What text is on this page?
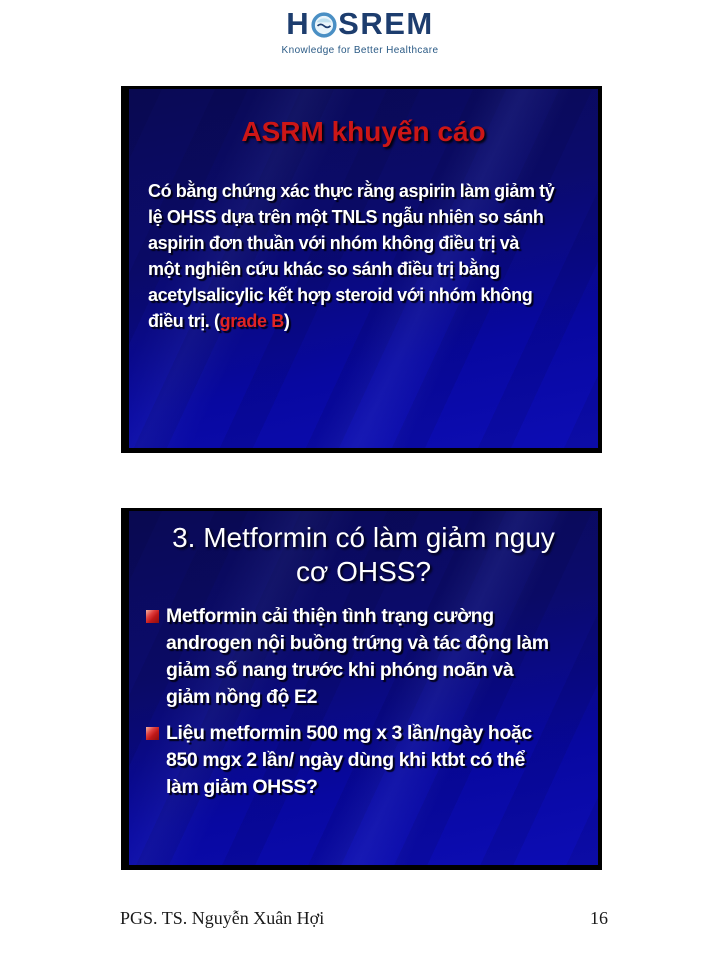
H SREM
Knowledge for Better Healthcare
ASRM khuyến cáo
Có bằng chứng xác thực rằng aspirin làm giảm tỷ
lệ OHSS dựa trên một TNLS ngẫu nhiên so sánh
aspirin đơn thuần với nhóm không điều trị và
một nghiên cứu khác so sánh điều trị bằng
acetylsalicylic kết hợp steroid với nhóm không
điều trị. (grade B)
3. Metformin có làm giảm nguy
cơ OHSS?
Metformin cải thiện tình trạng cường
androgen nội buồng trứng và tác động làm
giảm số nang trước khi phóng noãn và
giảm nồng độ E2
Liệu metformin 500 mg x 3 lần/ngày hoặc
850 mgx 2 lần/ ngày dùng khi ktbt có thể
làm giảm OHSS?
PGS. TS. Nguyễn Xuân Hợi	16
